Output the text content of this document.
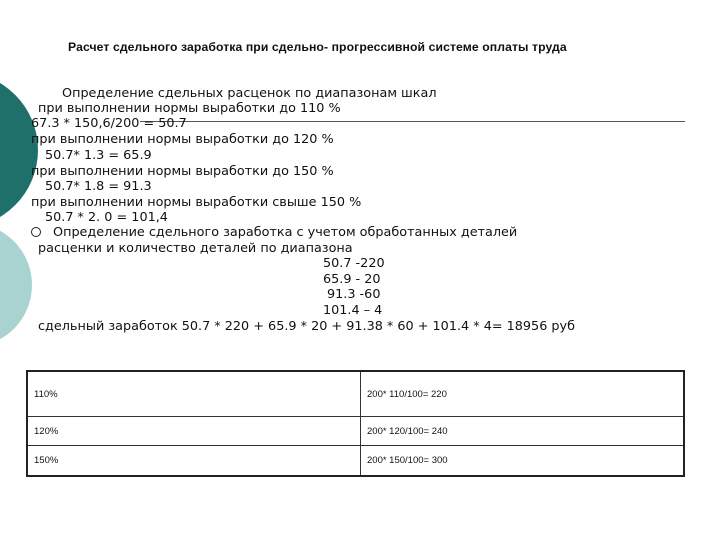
Расчет сдельного заработка при сдельно- прогрессивной системе оплаты труда
Определение сдельных расценок по диапазонам шкал
при выполнении нормы выработки до 110 %
67.3 * 150,6/200 = 50.7
при выполнении нормы выработки до 120 %
50.7* 1.3 = 65.9
при выполнении нормы выработки до 150 %
50.7* 1.8 = 91.3
при выполнении нормы выработки свыше 150 %
50.7 * 2. 0 = 101,4
Определение сдельного заработка с учетом обработанных деталей
расценки и количество деталей по диапазона
50.7 -220
65.9 - 20
91.3 -60
101.4 – 4
сдельный заработок 50.7 * 220 + 65.9 * 20 + 91.38 * 60 + 101.4 * 4= 18956 руб
110%	200* 110/100= 220
120%	200* 120/100= 240
150%	200* 150/100= 300
